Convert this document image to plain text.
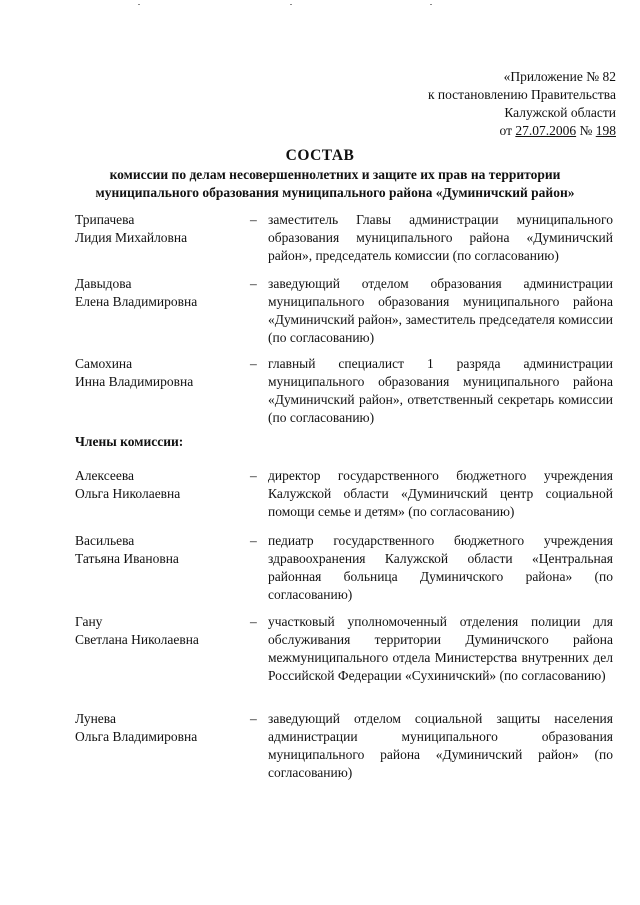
«Приложение № 82
к постановлению Правительства
Калужской области
от 27.07.2006 № 198
СОСТАВ
комиссии по делам несовершеннолетних и защите их прав на территории
муниципального образования муниципального района «Думиничский район»
Трипачева
Лидия Михайловна
– заместитель Главы администрации муниципального образования муниципального района «Думиничский район», председатель комиссии (по согласованию)
Давыдова
Елена Владимировна
– заведующий отделом образования администрации муниципального образования муниципального района «Думиничский район», заместитель председателя комиссии (по согласованию)
Самохина
Инна Владимировна
– главный специалист 1 разряда администрации муниципального образования муниципального района «Думиничский район», ответственный секретарь комиссии (по согласованию)
Члены комиссии:
Алексеева
Ольга Николаевна
– директор государственного бюджетного учреждения Калужской области «Думиничский центр социальной помощи семье и детям» (по согласованию)
Васильева
Татьяна Ивановна
– педиатр государственного бюджетного учреждения здравоохранения Калужской области «Центральная районная больница Думиничского района» (по согласованию)
Гану
Светлана Николаевна
– участковый уполномоченный отделения полиции для обслуживания территории Думиничского района межмуниципального отдела Министерства внутренних дел Российской Федерации «Сухиничский» (по согласованию)
Лунева
Ольга Владимировна
– заведующий отделом социальной защиты населения администрации муниципального образования муниципального района «Думиничский район» (по согласованию)
